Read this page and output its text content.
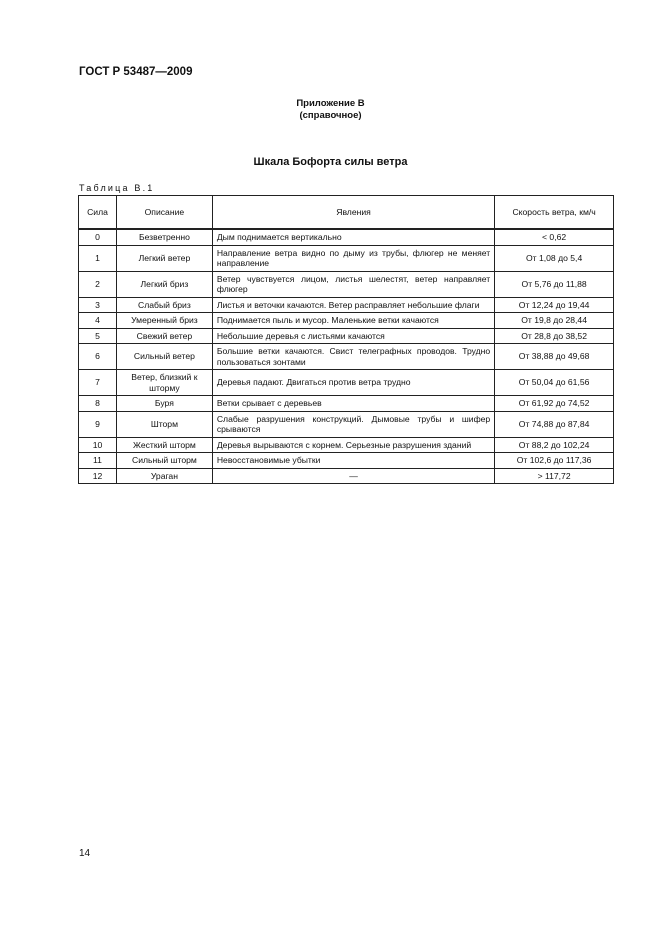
ГОСТ Р 53487—2009
Приложение В
(справочное)
Шкала Бофорта силы ветра
Таблица В.1
Сила	Описание	Явления	Скорость ветра, км/ч
0	Безветренно	Дым поднимается вертикально	< 0,62
1	Легкий ветер	Направление ветра видно по дыму из трубы, флюгер не меняет направление	От 1,08 до 5,4
2	Легкий бриз	Ветер чувствуется лицом, листья шелестят, ветер направляет флюгер	От 5,76 до 11,88
3	Слабый бриз	Листья и веточки качаются. Ветер расправляет небольшие флаги	От 12,24 до 19,44
4	Умеренный бриз	Поднимается пыль и мусор. Маленькие ветки качаются	От 19,8 до 28,44
5	Свежий ветер	Небольшие деревья с листьями качаются	От 28,8 до 38,52
6	Сильный ветер	Большие ветки качаются. Свист телеграфных проводов. Трудно пользоваться зонтами	От 38,88 до 49,68
7	Ветер, близкий к шторму	Деревья падают. Двигаться против ветра трудно	От 50,04 до 61,56
8	Буря	Ветки срывает с деревьев	От 61,92 до 74,52
9	Шторм	Слабые разрушения конструкций. Дымовые трубы и шифер срываются	От 74,88 до 87,84
10	Жесткий шторм	Деревья вырываются с корнем. Серьезные разрушения зданий	От 88,2 до 102,24
11	Сильный шторм	Невосстановимые убытки	От 102,6 до 117,36
12	Ураган	—	> 117,72
14
